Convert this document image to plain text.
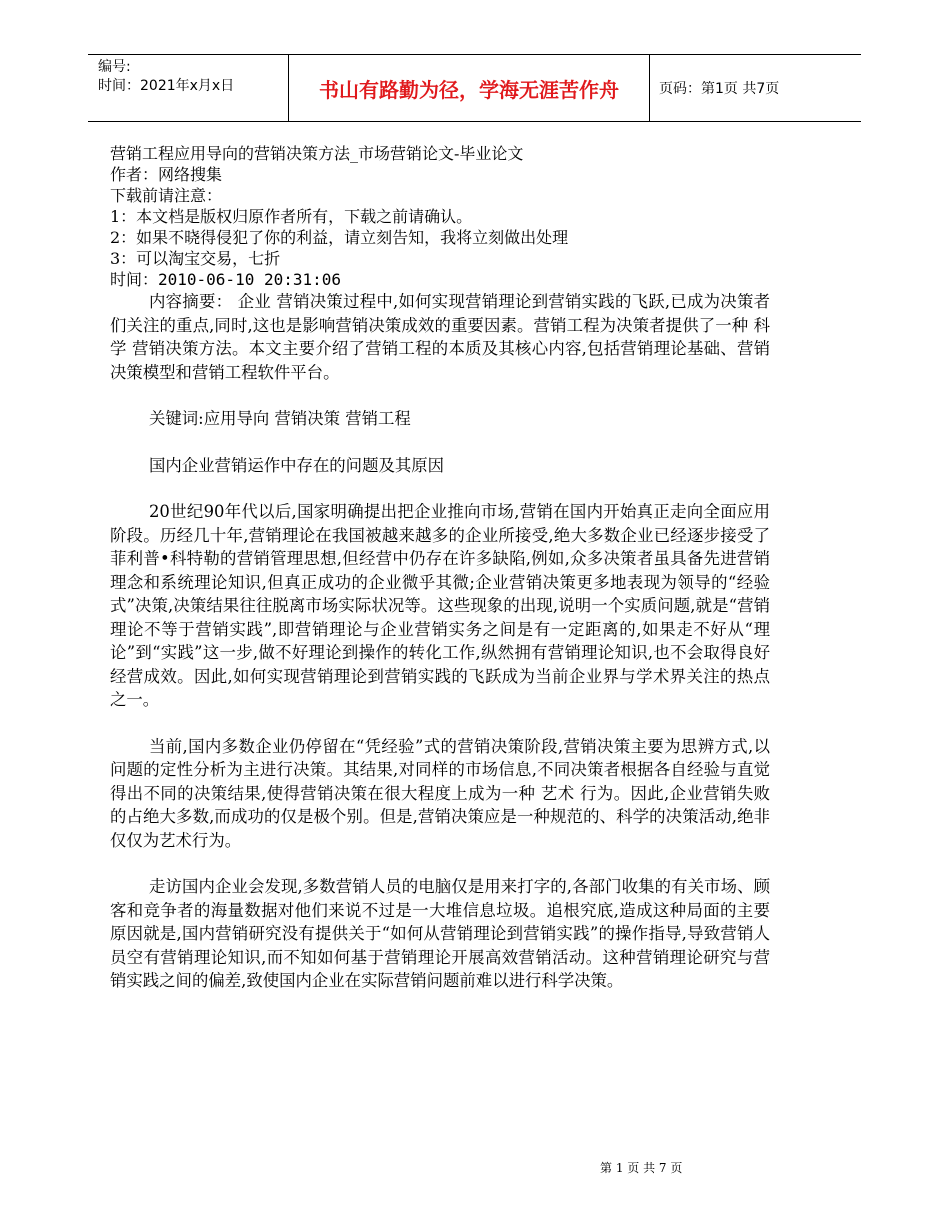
编号:
时间：2021年x月x日	书山有路勤为径，学海无涯苦作舟	页码：第1页 共7页

营销工程应用导向的营销决策方法_市场营销论文-毕业论文

作者：网络搜集

下载前请注意：

1：本文档是版权归原作者所有，下载之前请确认。

2：如果不晓得侵犯了你的利益，请立刻告知，我将立刻做出处理

3：可以淘宝交易，七折

时间：2010-06-10 20:31:06

内容摘要： 企业 营销决策过程中,如何实现营销理论到营销实践的飞跃,已成为决策者们关注的重点,同时,这也是影响营销决策成效的重要因素。营销工程为决策者提供了一种 科学 营销决策方法。本文主要介绍了营销工程的本质及其核心内容,包括营销理论基础、营销决策模型和营销工程软件平台。

关键词:应用导向 营销决策 营销工程

国内企业营销运作中存在的问题及其原因

20世纪90年代以后,国家明确提出把企业推向市场,营销在国内开始真正走向全面应用阶段。历经几十年,营销理论在我国被越来越多的企业所接受,绝大多数企业已经逐步接受了菲利普•科特勒的营销管理思想,但经营中仍存在许多缺陷,例如,众多决策者虽具备先进营销理念和系统理论知识,但真正成功的企业微乎其微;企业营销决策更多地表现为领导的“经验式”决策,决策结果往往脱离市场实际状况等。这些现象的出现,说明一个实质问题,就是“营销理论不等于营销实践”,即营销理论与企业营销实务之间是有一定距离的,如果走不好从“理论”到“实践”这一步,做不好理论到操作的转化工作,纵然拥有营销理论知识,也不会取得良好经营成效。因此,如何实现营销理论到营销实践的飞跃成为当前企业界与学术界关注的热点之一。

当前,国内多数企业仍停留在“凭经验”式的营销决策阶段,营销决策主要为思辨方式,以问题的定性分析为主进行决策。其结果,对同样的市场信息,不同决策者根据各自经验与直觉得出不同的决策结果,使得营销决策在很大程度上成为一种 艺术 行为。因此,企业营销失败的占绝大多数,而成功的仅是极个别。但是,营销决策应是一种规范的、科学的决策活动,绝非仅仅为艺术行为。

走访国内企业会发现,多数营销人员的电脑仅是用来打字的,各部门收集的有关市场、顾客和竞争者的海量数据对他们来说不过是一大堆信息垃圾。追根究底,造成这种局面的主要原因就是,国内营销研究没有提供关于“如何从营销理论到营销实践”的操作指导,导致营销人员空有营销理论知识,而不知如何基于营销理论开展高效营销活动。这种营销理论研究与营销实践之间的偏差,致使国内企业在实际营销问题前难以进行科学决策。

第 1 页 共 7 页
